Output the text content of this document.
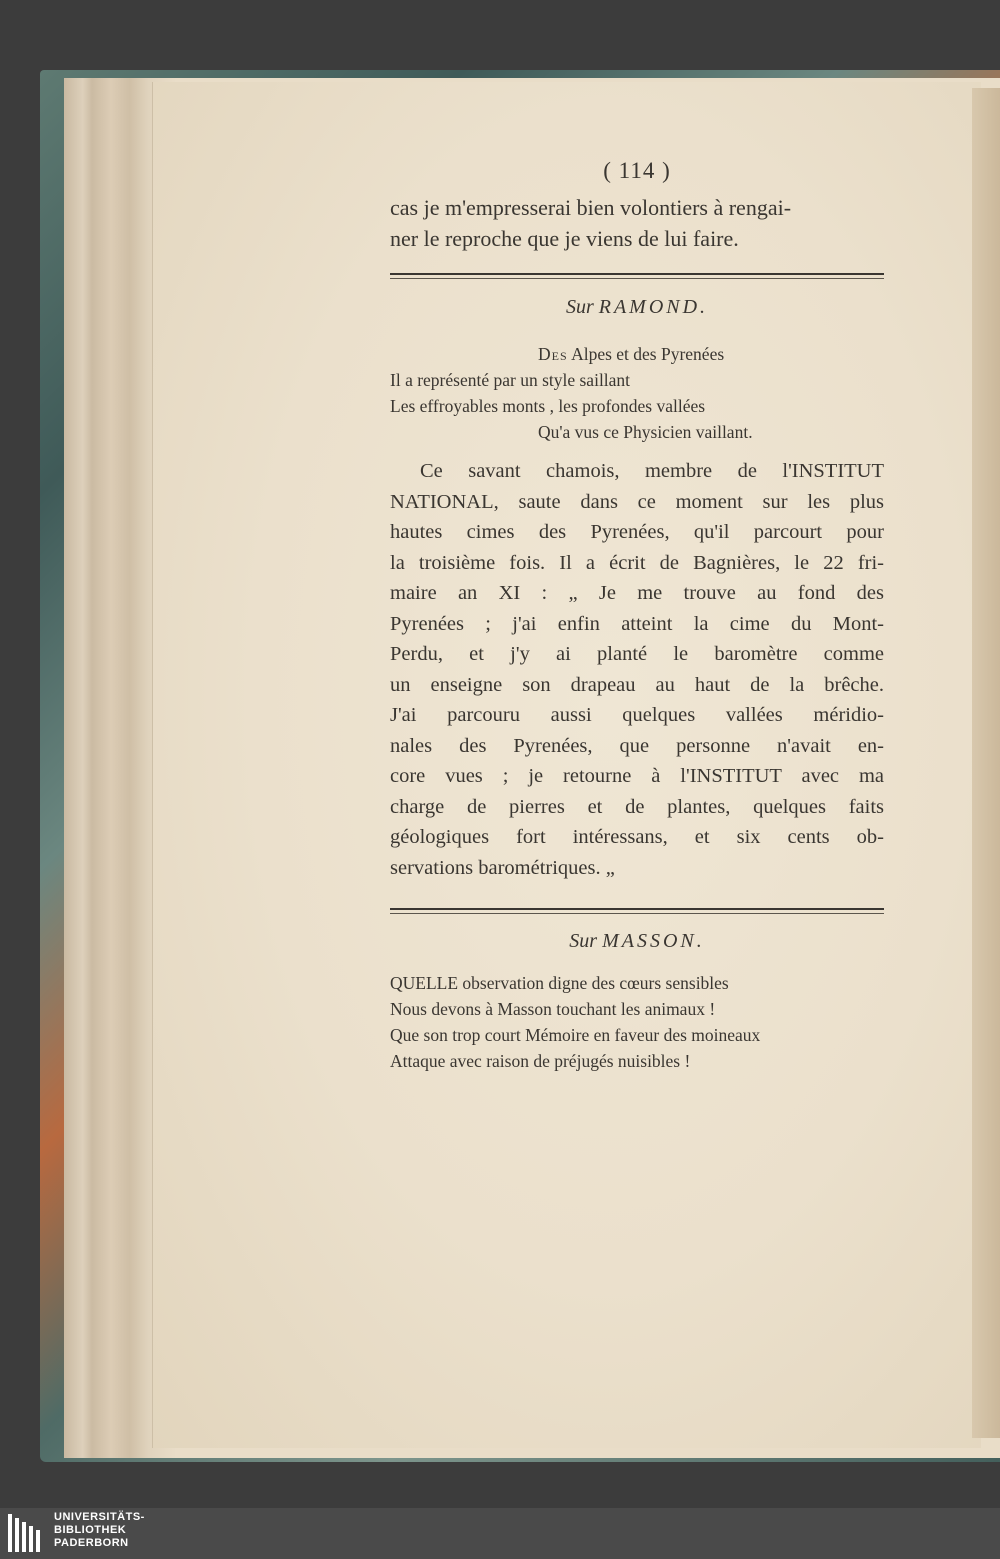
( 114 )
cas je m'empresserai bien volontiers à rengai-
ner le reproche que je viens de lui faire.
Sur RAMOND.
Des Alpes et des Pyrenées
Il a représenté par un style saillant
Les effroyables monts , les profondes vallées
Qu'a vus ce Physicien vaillant.
Ce savant chamois, membre de l'INSTITUT
NATIONAL, saute dans ce moment sur les plus
hautes cimes des Pyrenées, qu'il parcourt pour
la troisième fois. Il a écrit de Bagnières, le 22 fri-
maire an XI : „ Je me trouve au fond des
Pyrenées ; j'ai enfin atteint la cime du Mont-
Perdu, et j'y ai planté le baromètre comme
un enseigne son drapeau au haut de la brêche.
J'ai parcouru aussi quelques vallées méridio-
nales des Pyrenées, que personne n'avait en-
core vues ; je retourne à l'INSTITUT avec ma
charge de pierres et de plantes, quelques faits
géologiques fort intéressans, et six cents ob-
servations barométriques. „
Sur MASSON.
QUELLE observation digne des cœurs sensibles
Nous devons à Masson touchant les animaux !
Que son trop court Mémoire en faveur des moineaux
Attaque avec raison de préjugés nuisibles !
UNIVERSITÄTS-
BIBLIOTHEK
PADERBORN
